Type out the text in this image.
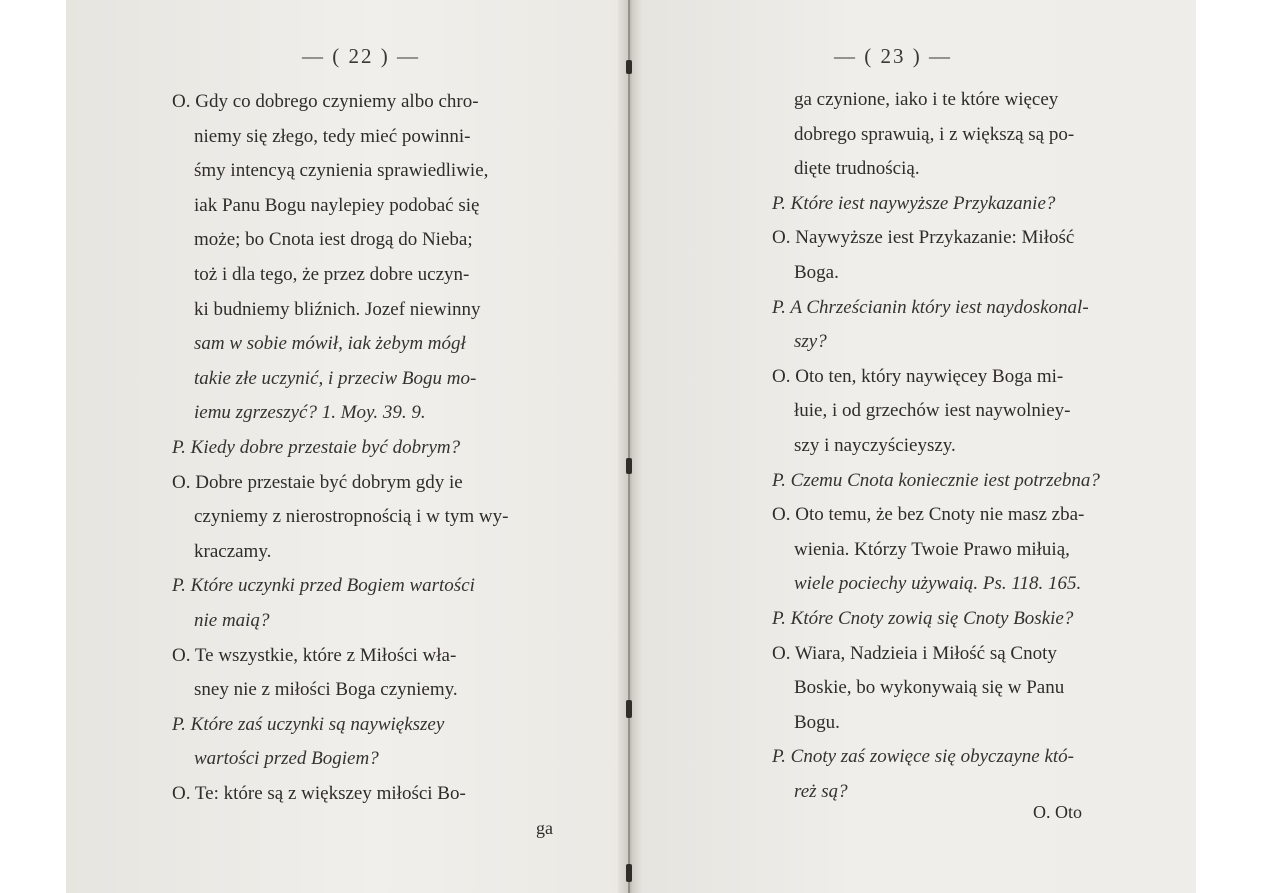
— ( 22 ) —
O. Gdy co dobrego czyniemy albo chro-
niemy się złego, tedy mieć powinni-
śmy intencyą czynienia sprawiedliwie,
iak Panu Bogu naylepiey podobać się
może; bo Cnota iest drogą do Nieba;
toż i dla tego, że przez dobre uczyn-
ki budniemy bliźnich. Jozef niewinny
sam w sobie mówił, iak żebym mógł
takie złe uczynić, i przeciw Bogu mo-
iemu zgrzeszyć? 1. Moy. 39. 9.
P. Kiedy dobre przestaie być dobrym?
O. Dobre przestaie być dobrym gdy ie
czyniemy z nierostropnością i w tym wy-
kraczamy.
P. Które uczynki przed Bogiem wartości
nie maią?
O. Te wszystkie, które z Miłości wła-
sney nie z miłości Boga czyniemy.
P. Które zaś uczynki są naywiększey
wartości przed Bogiem?
O. Te: które są z większey miłości Bo-
ga
— ( 23 ) —
ga czynione, iako i te które więcey
dobrego sprawuią, i z większą są po-
dięte trudnością.
P. Które iest naywyższe Przykazanie?
O. Naywyższe iest Przykazanie: Miłość
Boga.
P. A Chrześcianin który iest naydoskonal-
szy?
O. Oto ten, który naywięcey Boga mi-
łuie, i od grzechów iest naywolniey-
szy i nayczyścieyszy.
P. Czemu Cnota koniecznie iest potrzebna?
O. Oto temu, że bez Cnoty nie masz zba-
wienia. Którzy Twoie Prawo miłuią,
wiele pociechy używaią. Ps. 118. 165.
P. Które Cnoty zowią się Cnoty Boskie?
O. Wiara, Nadzieia i Miłość są Cnoty
Boskie, bo wykonywaią się w Panu
Bogu.
P. Cnoty zaś zowięce się obyczayne któ-
reż są?
O. Oto
